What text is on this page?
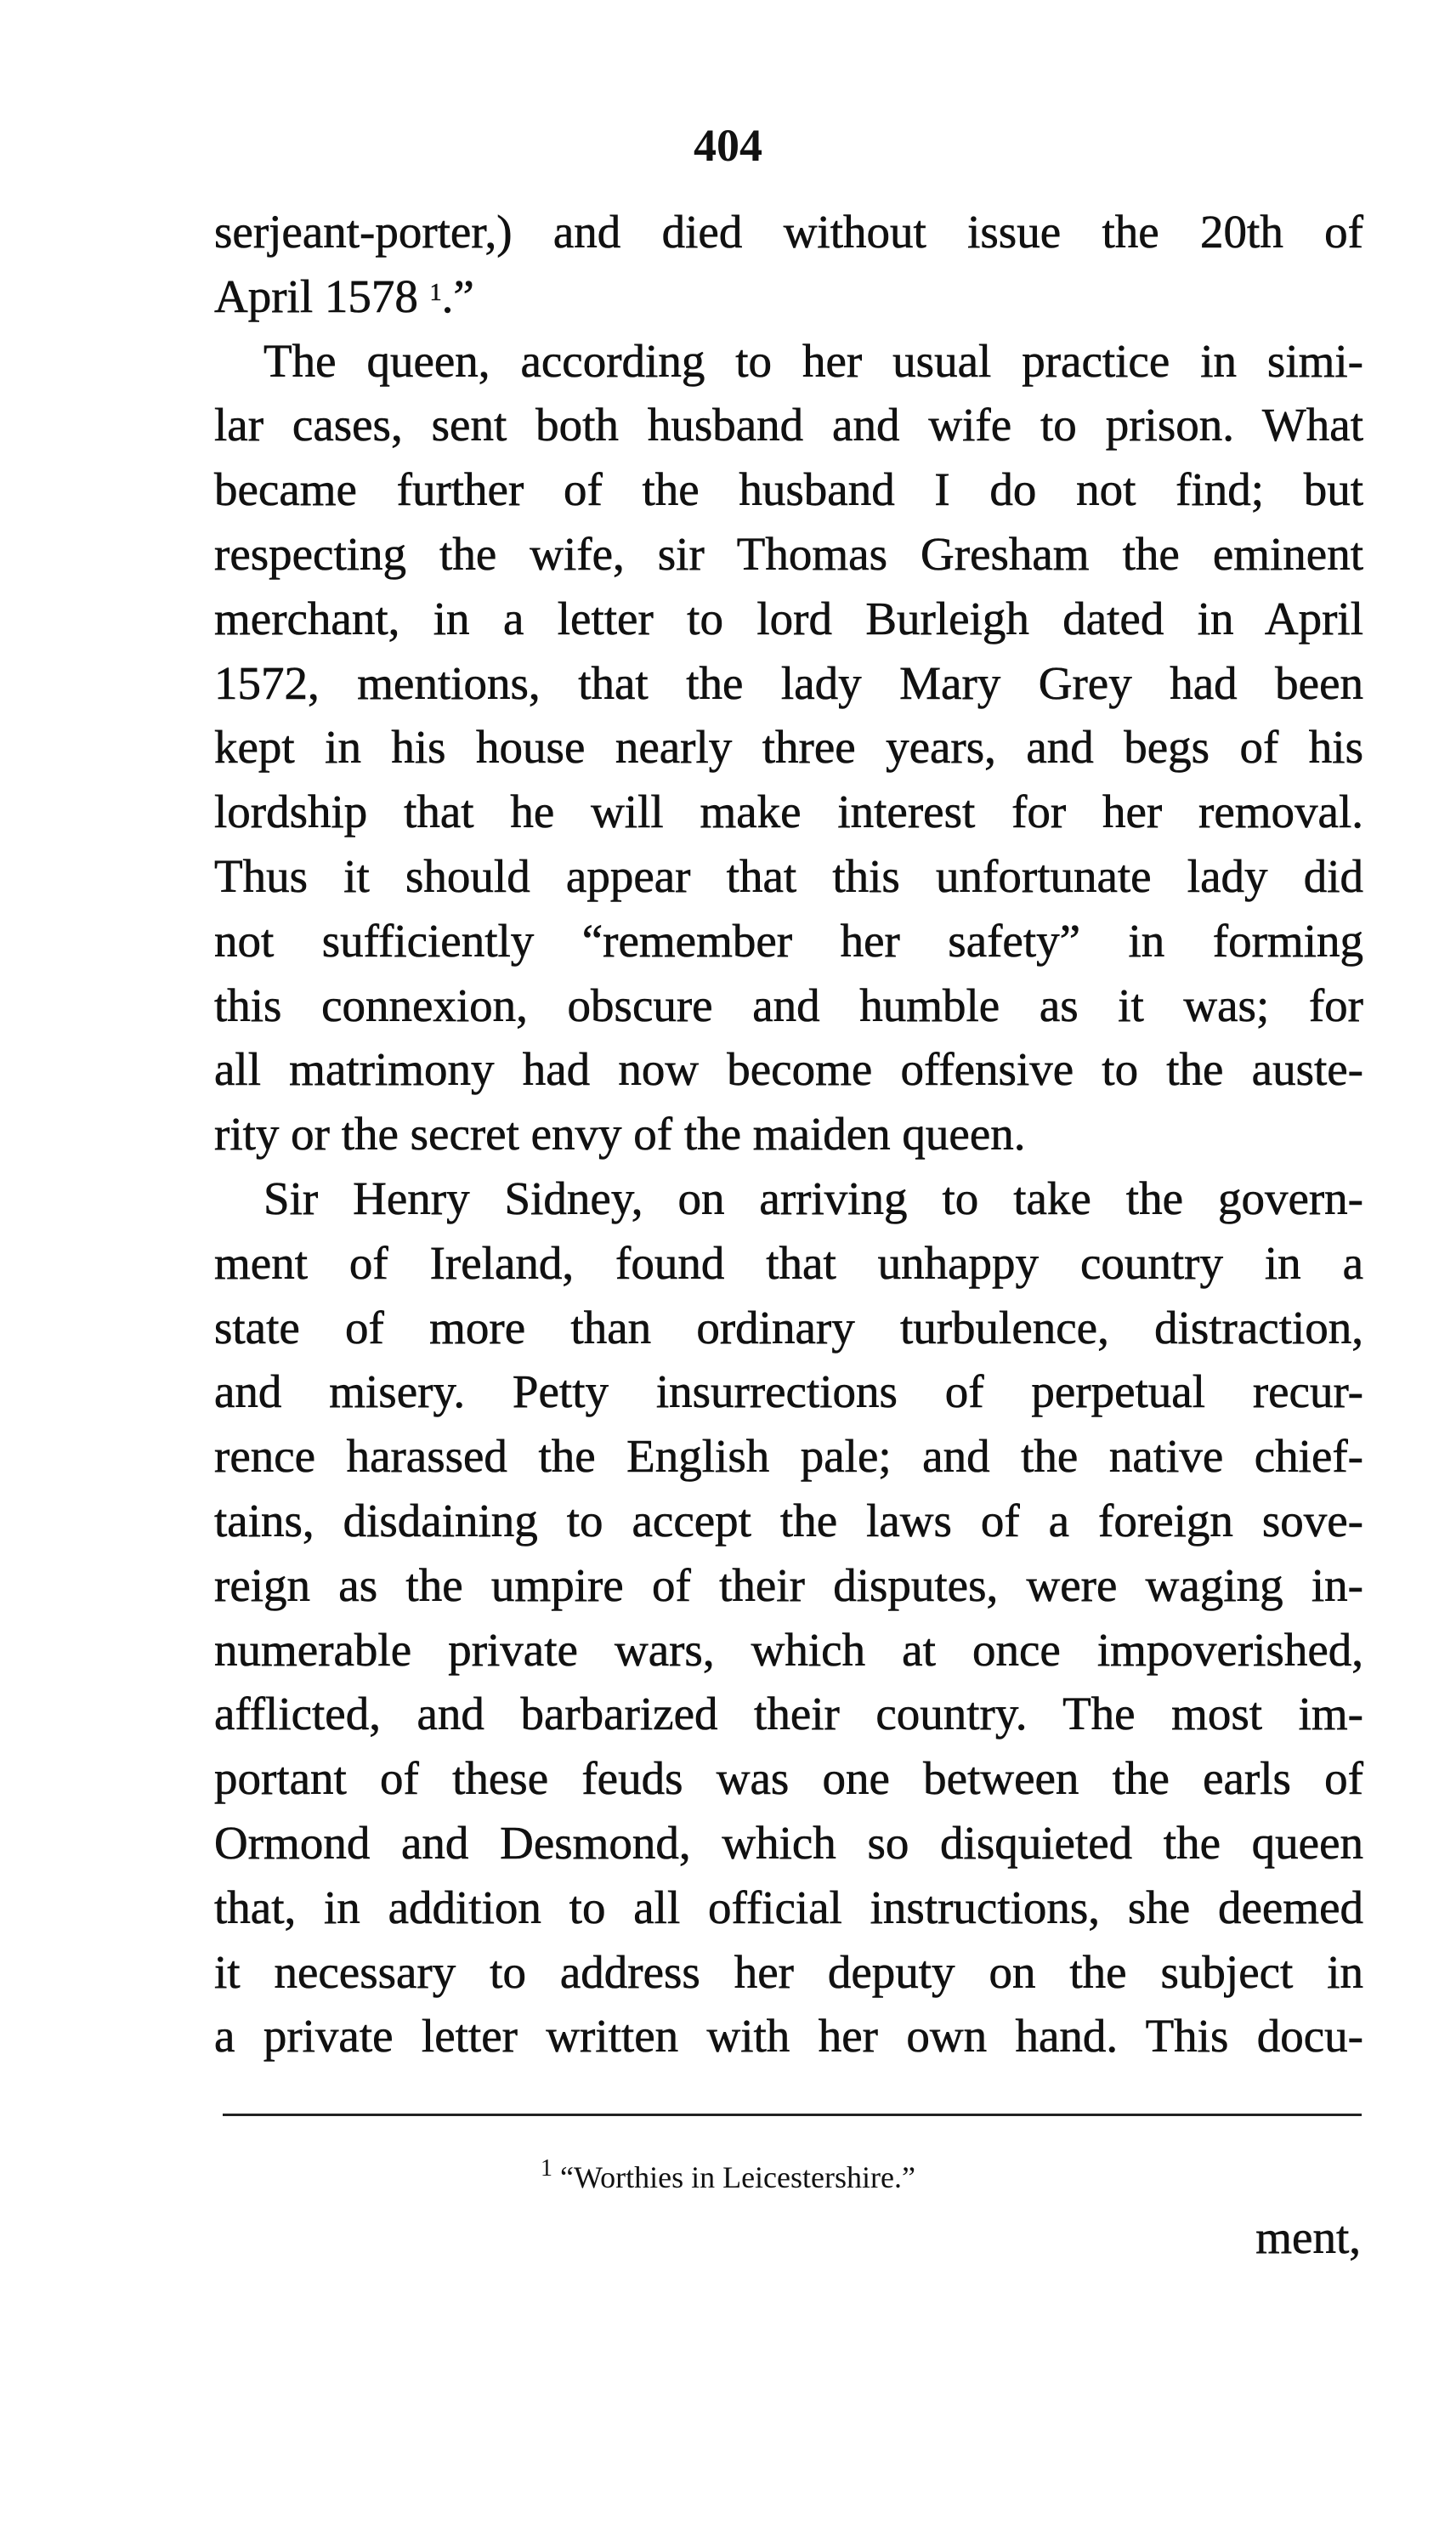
404
serjeant-porter,) and died without issue the 20th of
April 1578 $^1$.”
The queen, according to her usual practice in simi-
lar cases, sent both husband and wife to prison. What
became further of the husband I do not find; but
respecting the wife, sir Thomas Gresham the eminent
merchant, in a letter to lord Burleigh dated in April
1572, mentions, that the lady Mary Grey had been
kept in his house nearly three years, and begs of his
lordship that he will make interest for her removal.
Thus it should appear that this unfortunate lady did
not sufficiently “remember her safety” in forming
this connexion, obscure and humble as it was; for
all matrimony had now become offensive to the auste-
rity or the secret envy of the maiden queen.
Sir Henry Sidney, on arriving to take the govern-
ment of Ireland, found that unhappy country in a
state of more than ordinary turbulence, distraction,
and misery. Petty insurrections of perpetual recur-
rence harassed the English pale; and the native chief-
tains, disdaining to accept the laws of a foreign sove-
reign as the umpire of their disputes, were waging in-
numerable private wars, which at once impoverished,
afflicted, and barbarized their country. The most im-
portant of these feuds was one between the earls of
Ormond and Desmond, which so disquieted the queen
that, in addition to all official instructions, she deemed
it necessary to address her deputy on the subject in
a private letter written with her own hand. This docu-
$^1$ “Worthies in Leicestershire.”
ment,
